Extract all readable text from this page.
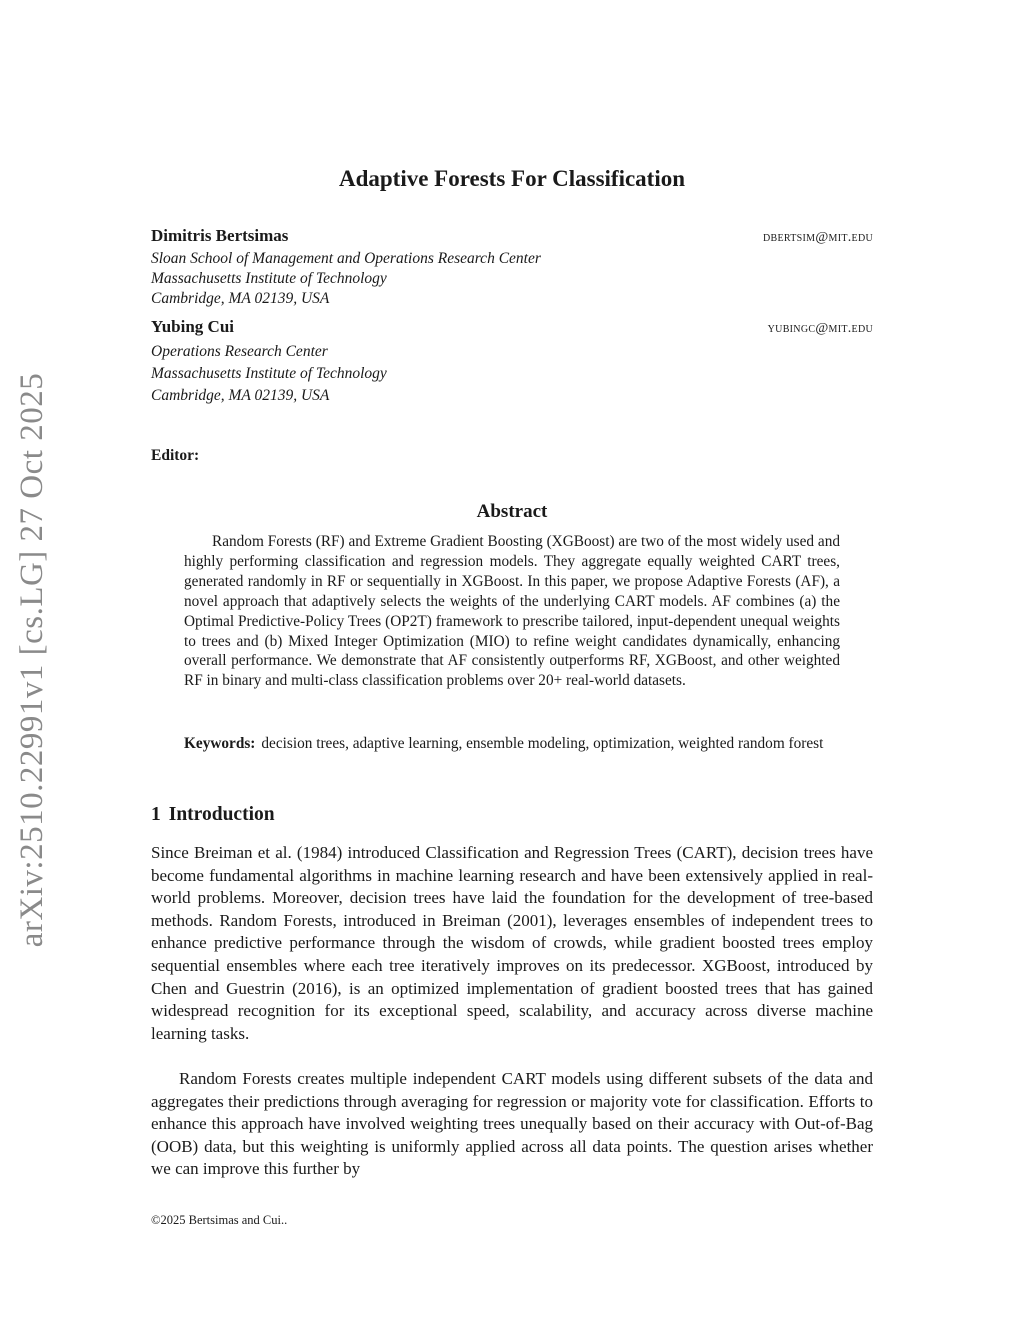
arXiv:2510.22991v1 [cs.LG] 27 Oct 2025
Adaptive Forests For Classification
Dimitris Bertsimas	dbertsim@mit.edu
Sloan School of Management and Operations Research Center
Massachusetts Institute of Technology
Cambridge, MA 02139, USA
Yubing Cui	yubingc@mit.edu
Operations Research Center
Massachusetts Institute of Technology
Cambridge, MA 02139, USA
Editor:
Abstract
Random Forests (RF) and Extreme Gradient Boosting (XGBoost) are two of the most widely used and highly performing classification and regression models. They aggregate equally weighted CART trees, generated randomly in RF or sequentially in XGBoost. In this paper, we propose Adaptive Forests (AF), a novel approach that adaptively selects the weights of the underlying CART models. AF combines (a) the Optimal Predictive-Policy Trees (OP2T) framework to prescribe tailored, input-dependent unequal weights to trees and (b) Mixed Integer Optimization (MIO) to refine weight candidates dynamically, enhancing overall performance. We demonstrate that AF consistently outperforms RF, XGBoost, and other weighted RF in binary and multi-class classification problems over 20+ real-world datasets.
Keywords: decision trees, adaptive learning, ensemble modeling, optimization, weighted random forest
1 Introduction
Since Breiman et al. (1984) introduced Classification and Regression Trees (CART), decision trees have become fundamental algorithms in machine learning research and have been extensively applied in real-world problems. Moreover, decision trees have laid the foundation for the development of tree-based methods. Random Forests, introduced in Breiman (2001), leverages ensembles of independent trees to enhance predictive performance through the wisdom of crowds, while gradient boosted trees employ sequential ensembles where each tree iteratively improves on its predecessor. XGBoost, introduced by Chen and Guestrin (2016), is an optimized implementation of gradient boosted trees that has gained widespread recognition for its exceptional speed, scalability, and accuracy across diverse machine learning tasks.
Random Forests creates multiple independent CART models using different subsets of the data and aggregates their predictions through averaging for regression or majority vote for classification. Efforts to enhance this approach have involved weighting trees unequally based on their accuracy with Out-of-Bag (OOB) data, but this weighting is uniformly applied across all data points. The question arises whether we can improve this further by
©2025 Bertsimas and Cui..
